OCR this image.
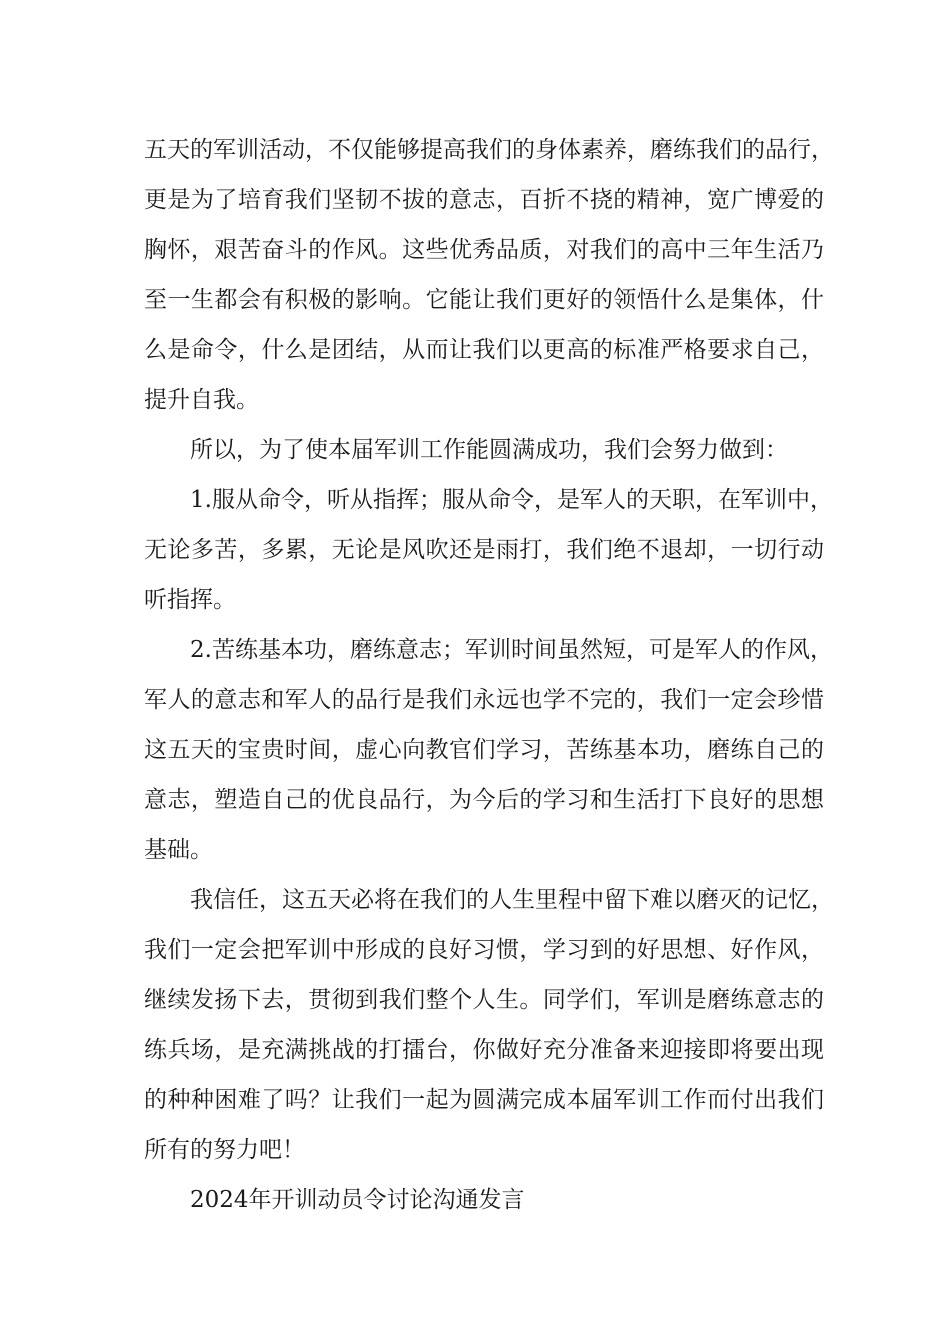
五天的军训活动，不仅能够提高我们的身体素养，磨练我们的品行，
更是为了培育我们坚韧不拔的意志，百折不挠的精神，宽广博爱的
胸怀，艰苦奋斗的作风。这些优秀品质，对我们的高中三年生活乃
至一生都会有积极的影响。它能让我们更好的领悟什么是集体，什
么是命令，什么是团结，从而让我们以更高的标准严格要求自己，
提升自我。
所以，为了使本届军训工作能圆满成功，我们会努力做到：
1.服从命令，听从指挥；服从命令，是军人的天职，在军训中，
无论多苦，多累，无论是风吹还是雨打，我们绝不退却，一切行动
听指挥。
2.苦练基本功，磨练意志；军训时间虽然短，可是军人的作风，
军人的意志和军人的品行是我们永远也学不完的，我们一定会珍惜
这五天的宝贵时间，虚心向教官们学习，苦练基本功，磨练自己的
意志，塑造自己的优良品行，为今后的学习和生活打下良好的思想
基础。
我信任，这五天必将在我们的人生里程中留下难以磨灭的记忆，
我们一定会把军训中形成的良好习惯，学习到的好思想、好作风，
继续发扬下去，贯彻到我们整个人生。同学们，军训是磨练意志的
练兵场，是充满挑战的打擂台，你做好充分准备来迎接即将要出现
的种种困难了吗？让我们一起为圆满完成本届军训工作而付出我们
所有的努力吧！
2024年开训动员令讨论沟通发言
